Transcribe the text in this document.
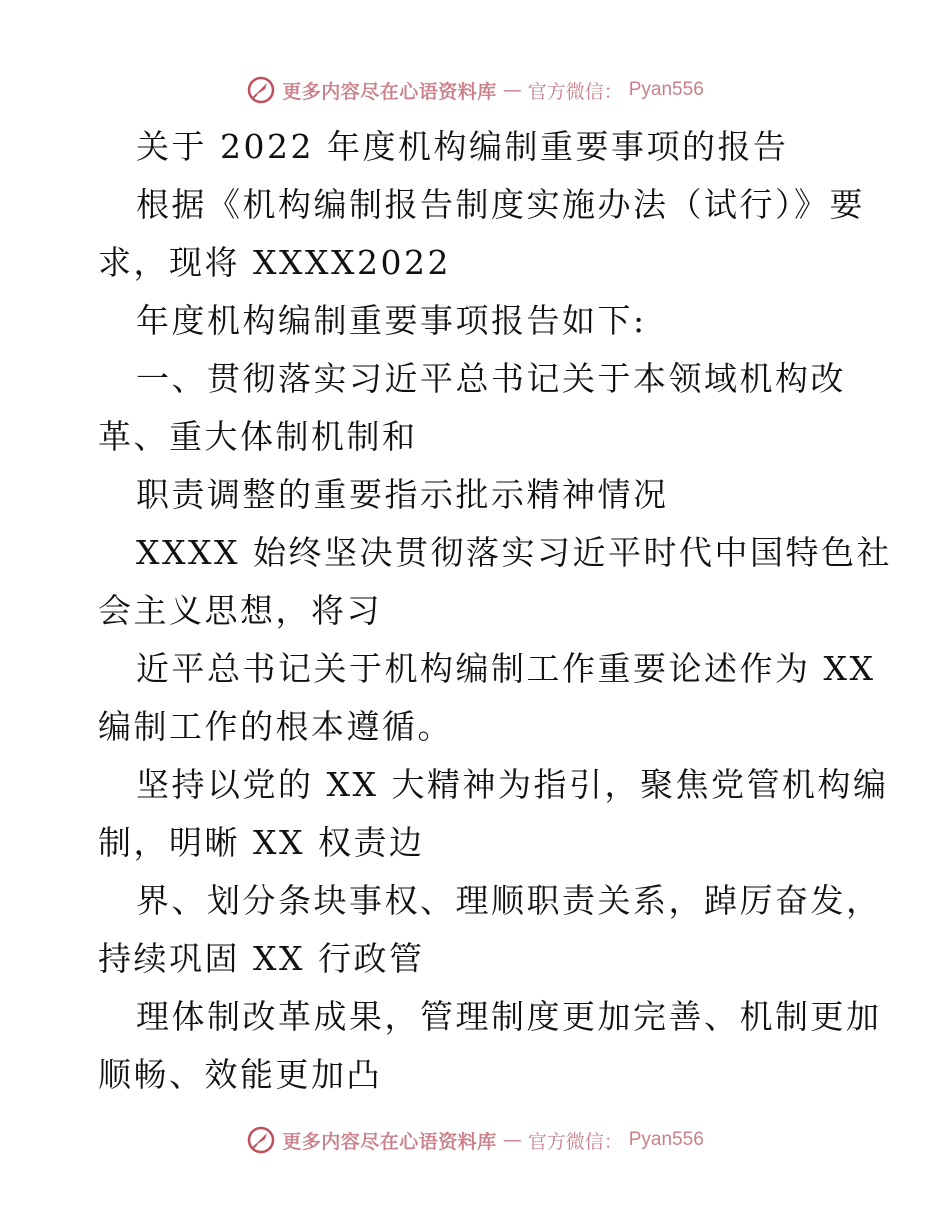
更多内容尽在心语资料库 — 官方微信： Pyan556
关于 2022 年度机构编制重要事项的报告
根据《机构编制报告制度实施办法（试行）》要
求，现将 XXXX2022
年度机构编制重要事项报告如下:
一、贯彻落实习近平总书记关于本领域机构改
革、重大体制机制和
职责调整的重要指示批示精神情况
XXXX 始终坚决贯彻落实习近平时代中国特色社
会主义思想，将习
近平总书记关于机构编制工作重要论述作为 XX
编制工作的根本遵循。
坚持以党的 XX 大精神为指引，聚焦党管机构编
制，明晰 XX 权责边
界、划分条块事权、理顺职责关系，踔厉奋发，
持续巩固 XX 行政管
理体制改革成果，管理制度更加完善、机制更加
顺畅、效能更加凸
更多内容尽在心语资料库 — 官方微信： Pyan556
